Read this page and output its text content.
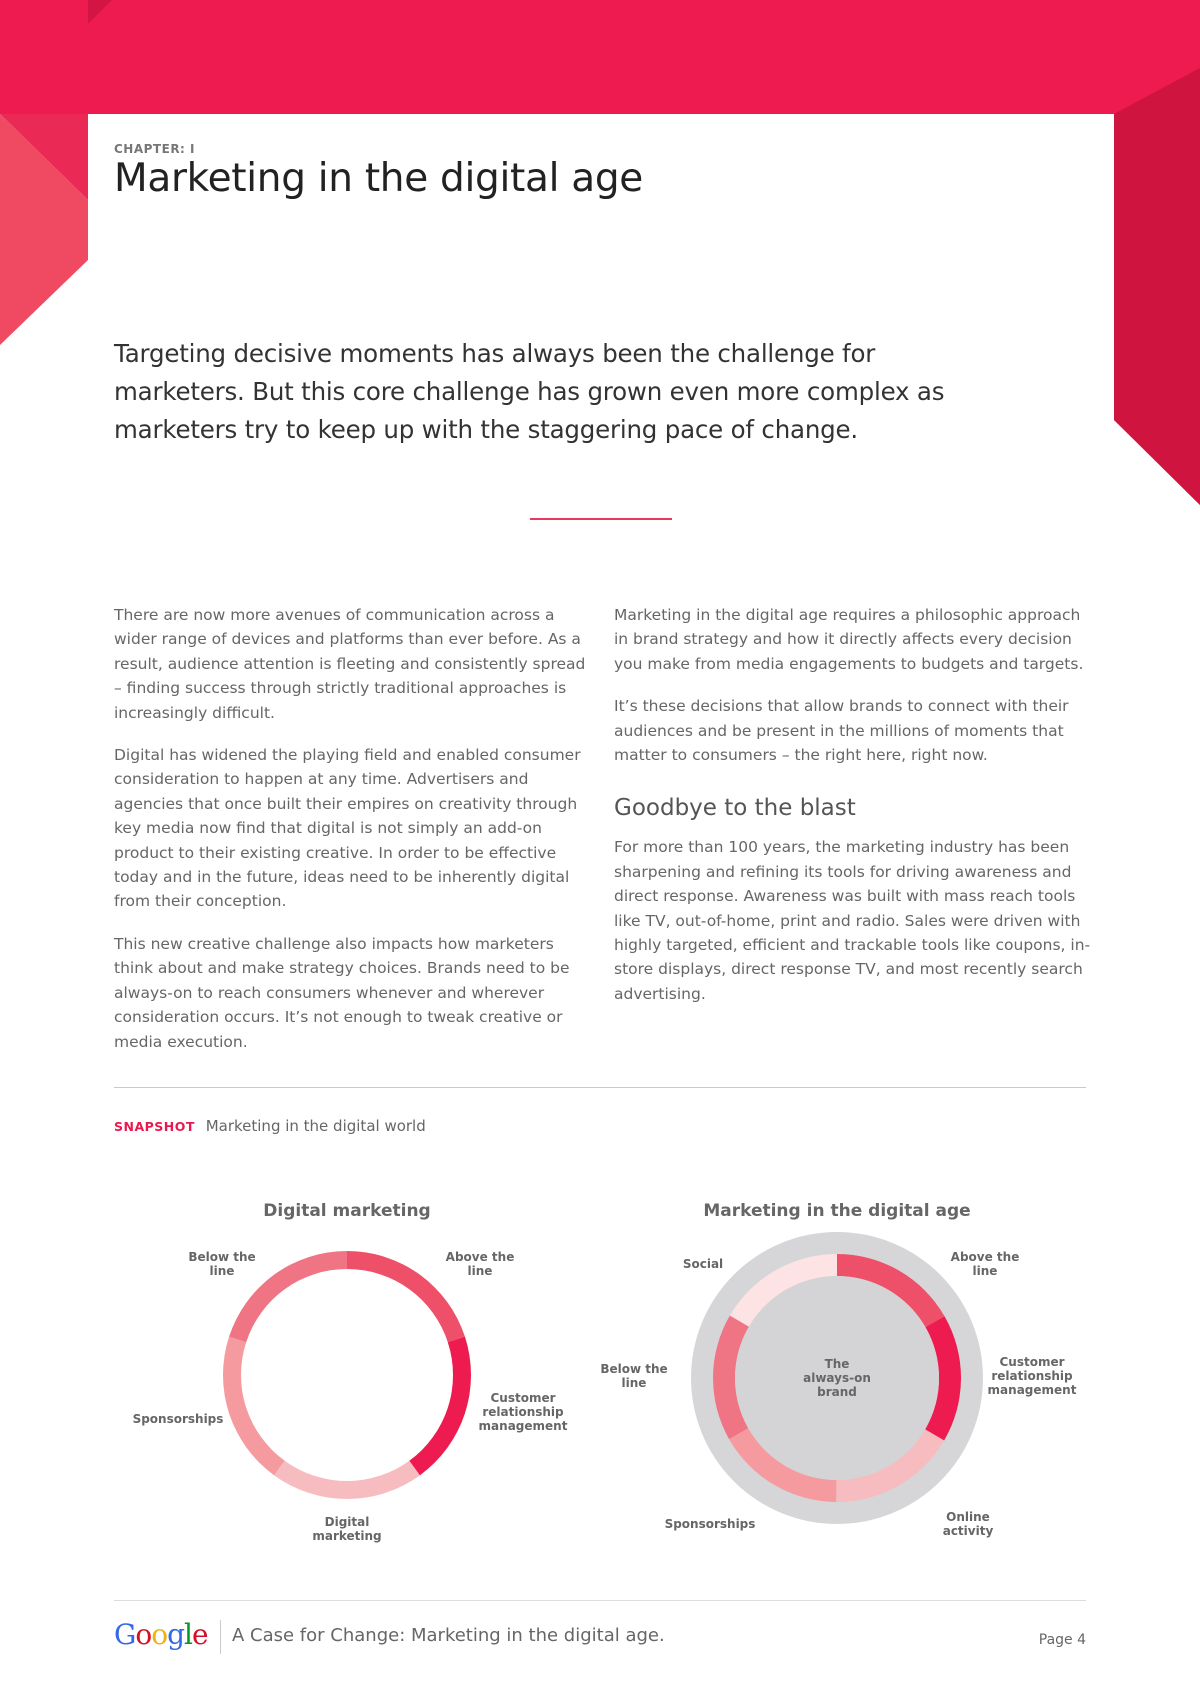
CHAPTER: I
Marketing in the digital age

Targeting decisive moments has always been the challenge for marketers. But this core challenge has grown even more complex as marketers try to keep up with the staggering pace of change.

There are now more avenues of communication across a wider range of devices and platforms than ever before. As a result, audience attention is fleeting and consistently spread – finding success through strictly traditional approaches is increasingly difficult.

Digital has widened the playing field and enabled consumer consideration to happen at any time. Advertisers and agencies that once built their empires on creativity through key media now find that digital is not simply an add-on product to their existing creative. In order to be effective today and in the future, ideas need to be inherently digital from their conception.

This new creative challenge also impacts how marketers think about and make strategy choices. Brands need to be always-on to reach consumers whenever and wherever consideration occurs. It’s not enough to tweak creative or media execution.

Marketing in the digital age requires a philosophic approach in brand strategy and how it directly affects every decision you make from media engagements to budgets and targets.

It’s these decisions that allow brands to connect with their audiences and be present in the millions of moments that matter to consumers – the right here, right now.

Goodbye to the blast

For more than 100 years, the marketing industry has been sharpening and refining its tools for driving awareness and direct response. Awareness was built with mass reach tools like TV, out-of-home, print and radio. Sales were driven with highly targeted, efficient and trackable tools like coupons, in-store displays, direct response TV, and most recently search advertising.

SNAPSHOT Marketing in the digital world
Digital marketing
Above the line
Customer relationship management
Digital marketing
Sponsorships
Below the line
Marketing in the digital age
The always-on brand
Above the line
Customer relationship management
Online activity
Sponsorships
Below the line
Social
Google A Case for Change: Marketing in the digital age.	Page 4
